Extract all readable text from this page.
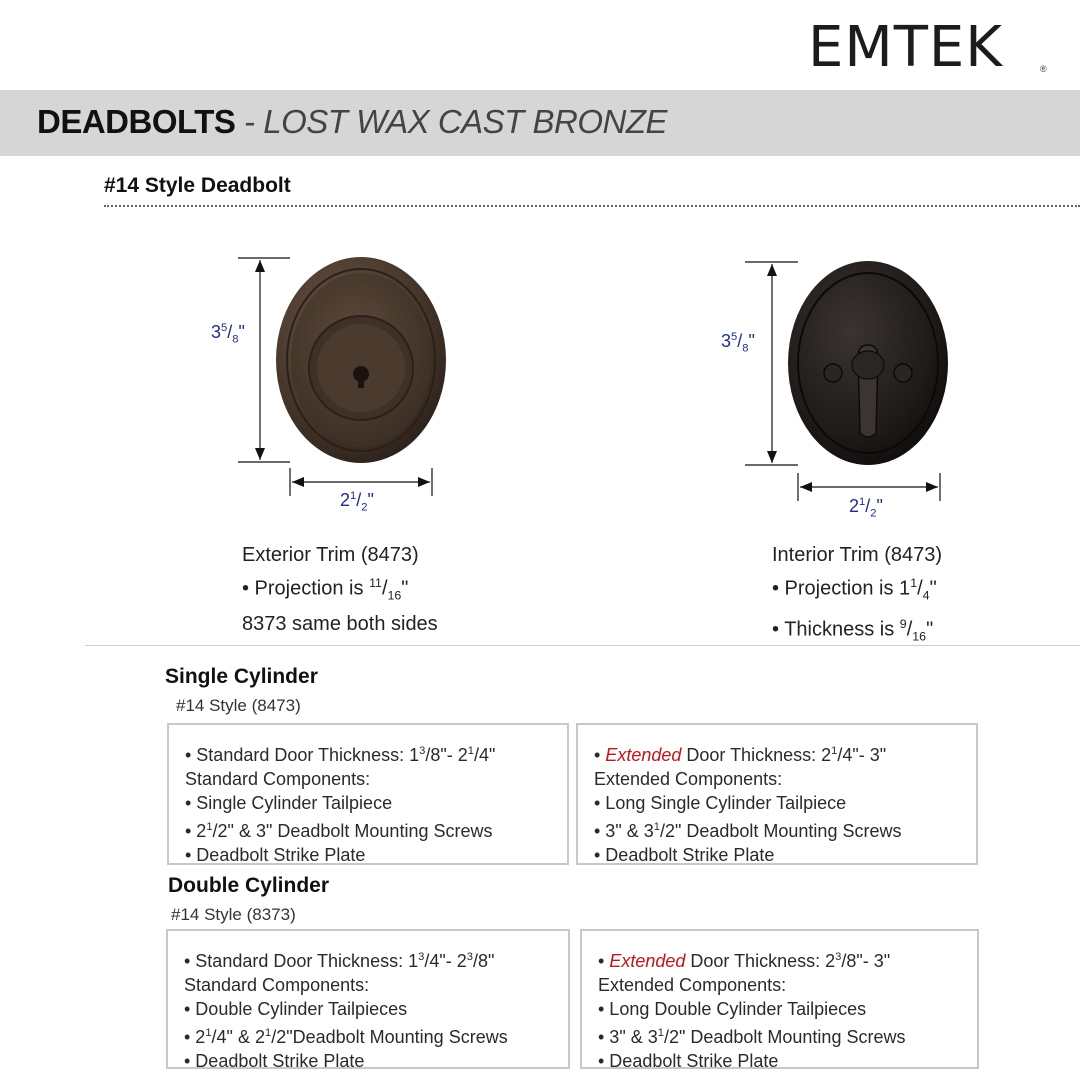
EMTEK	®
DEADBOLTS - LOST WAX CAST BRONZE
#14 Style Deadbolt
$3^5/_8$"
$2^1/_2$"
$3^5/_8$"
$2^1/_2$"
Exterior Trim (8473)
• Projection is $^{11}/_{16}$"
8373 same both sides
Interior Trim (8473)
• Projection is $1^1/_4$"
• Thickness is $^9/_{16}$"
Single Cylinder
#14 Style (8473)
• Standard Door Thickness: $1^3/8"-$ $2^1/4$"
Standard Components:
• Single Cylinder Tailpiece
• $2^1/2$" & 3" Deadbolt Mounting Screws
• Deadbolt Strike Plate
• Extended Door Thickness: $2^1/4"-$ 3"
Extended Components:
• Long Single Cylinder Tailpiece
• 3" & $3^1/2$" Deadbolt Mounting Screws
• Deadbolt Strike Plate
Double Cylinder
#14 Style (8373)
• Standard Door Thickness: $1^3/4"-$ $2^3/8$"
Standard Components:
• Double Cylinder Tailpieces
• $2^1/4$" & $2^1/2"Deadbolt$ Mounting Screws
• Deadbolt Strike Plate
• Extended Door Thickness: $2^3/8"-$ 3"
Extended Components:
• Long Double Cylinder Tailpieces
• 3" & $3^1/2$" Deadbolt Mounting Screws
• Deadbolt Strike Plate
